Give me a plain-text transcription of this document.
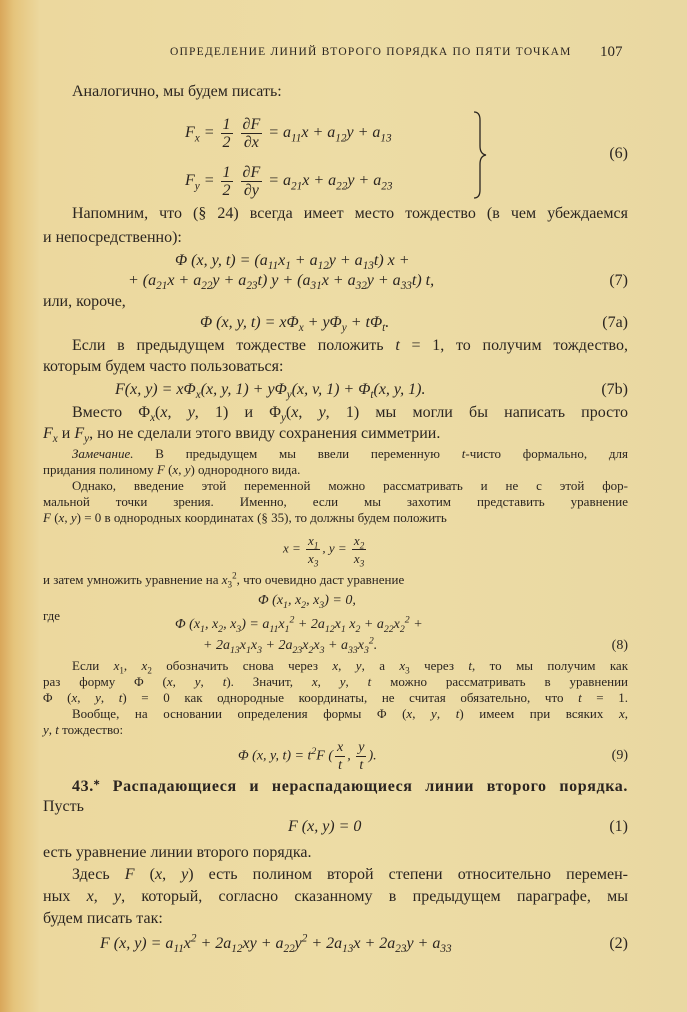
ОПРЕДЕЛЕНИЕ ЛИНИЙ ВТОРОГО ПОРЯДКА ПО ПЯТИ ТОЧКАМ 107
Аналогично, мы будем писать:
$F_x = \frac{1}{2}$
$\frac{\partial F}{\partial x} = a_{11}x + a_{12}y + a_{13}$
$F_y = \frac{1}{2}$
$\frac{\partial F}{\partial y} = a_{21}x + a_{22}y + a_{23}$
(6)
Напомним, что (§ 24) всегда имеет место тождество (в чем убеждаемся
и непосредственно):
Φ (x, y, $t) = (a_{11}x_1 + a_{12}y + a_{13}t) x$ +
+ $(a_{21}x + a_{22}y + a_{23}t) y + (a_{31}x + a_{32}y + a_{33}t)$ t,	(7)
или, короче,
Φ (x, y, $t) = x\Phi_x + y\Phi_y + t\Phi_t$.	(7a)
Если в предыдущем тождестве положить t = 1, то получим тождество,
которым будем часто пользоваться:
F(x, $y) = x\Phi_x(x$, y, $1) + y\Phi_y(x$, v, $1) + \Phi_t(x$, y, 1).	(7b)
Вместо $\Phi_x(x$, y, 1) и $\Phi_y(x$, y, 1) мы могли бы написать просто
$F_x$ и $F_y$, но не сделали этого ввиду сохранения симметрии.
Замечание. В предыдущем мы ввели переменную t-чисто формально, для
придания полиному F (x, y) однородного вида.
Однако, введение этой переменной можно рассматривать и не с этой фор-
мальной точки зрения. Именно, если мы захотим представить уравнение
F (x, y) = 0 в однородных координатах (§ 35), то должны будем положить
$x = \frac{x_1}{x_3}$ , $y = \frac{x_2}{x_3}$
и затем умножить уравнение на $x_3^2$, что очевидно даст уравнение
Φ ($x_1$, $x_2$, $x_3) = 0$,
где
Φ ($x_1$, $x_2$, $x_3) = a_{11}x_1^2 + 2a_{12}x_1$ $x_2 + a_{22}x_2^2$ +
+ $2a_{13}x_1x_3 + 2a_{23}x_2x_3 + a_{33}x_3^2$.	(8)
Если $x_1$, $x_2$ обозначить снова через x, y, а $x_3$ через t, то мы получим как
раз форму Φ (x, y, t). Значит, x, y, t можно рассматривать в уравнении
Φ (x, y, t) = 0 как однородные координаты, не считая обязательно, что t = 1.
Вообще, на основании определения формы Φ (x, y, t) имеем при всяких x,
y, t тождество:
Φ (x, y, $t) = t^2F$ ( $\frac{x}{t}$ , $\frac{y}{t}$ ).	(9)
43.⁎ Распадающиеся и нераспадающиеся линии второго порядка.
Пусть
F (x, y) = 0	(1)
есть уравнение линии второго порядка.
Здесь F (x, y) есть полином второй степени относительно перемен-
ных x, y, который, согласно сказанному в предыдущем параграфе, мы
будем писать так:
F (x, $y) = a_{11}x^2 + 2a_{12}xy + a_{22}y^2 + 2a_{13}x + 2a_{23}y + a_{33}$	(2)
